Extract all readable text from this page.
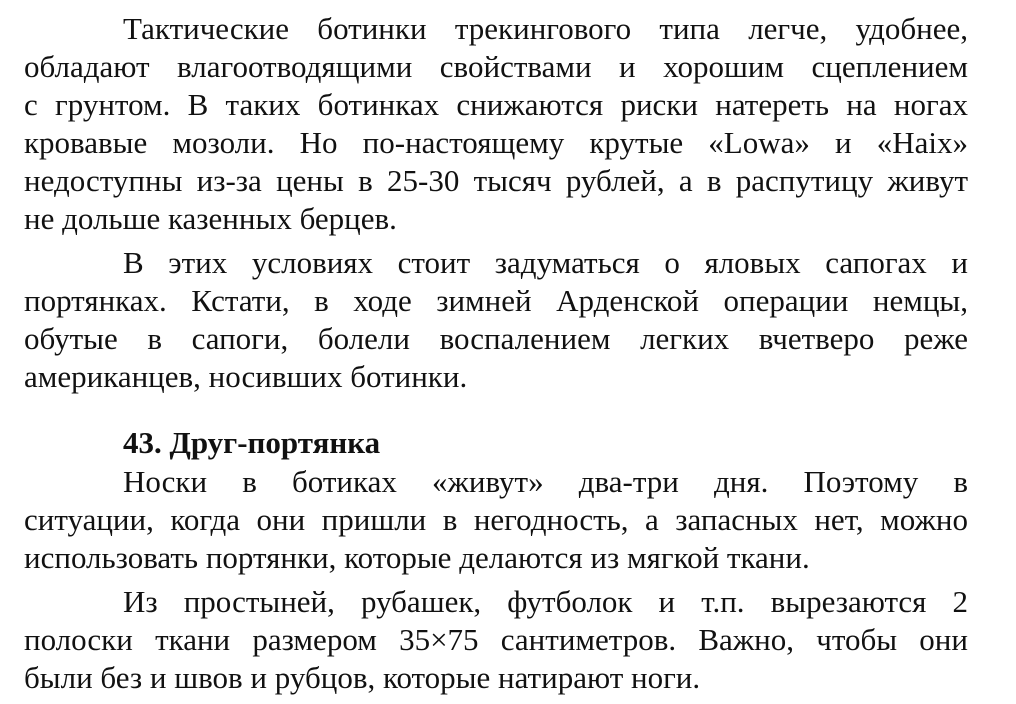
Тактические ботинки трекингового типа легче, удобнее,
обладают влагоотводящими свойствами и хорошим сцеплением
с грунтом. В таких ботинках снижаются риски натереть на ногах
кровавые мозоли. Но по-настоящему крутые «Lowa» и «Haix»
недоступны из-за цены в 25-30 тысяч рублей, а в распутицу живут
не дольше казенных берцев.
В этих условиях стоит задуматься о яловых сапогах и
портянках. Кстати, в ходе зимней Арденской операции немцы,
обутые в сапоги, болели воспалением легких вчетверо реже
американцев, носивших ботинки.
43. Друг-портянка
Носки в ботиках «живут» два-три дня. Поэтому в
ситуации, когда они пришли в негодность, а запасных нет, можно
использовать портянки, которые делаются из мягкой ткани.
Из простыней, рубашек, футболок и т.п. вырезаются 2
полоски ткани размером 35×75 сантиметров. Важно, чтобы они
были без и швов и рубцов, которые натирают ноги.
